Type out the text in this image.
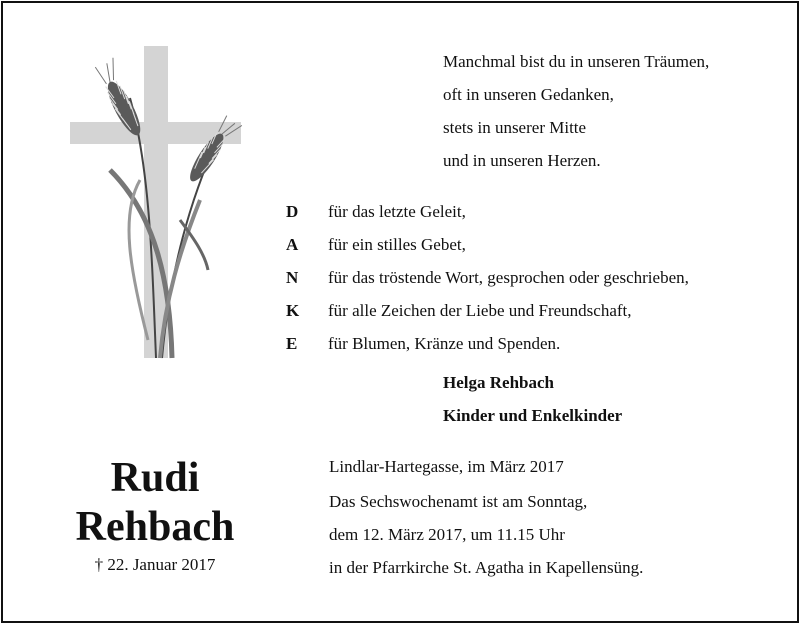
Manchmal bist du in unseren Träumen,
oft in unseren Gedanken,
stets in unserer Mitte
und in unseren Herzen.
D für das letzte Geleit,
A für ein stilles Gebet,
N für das tröstende Wort, gesprochen oder geschrieben,
K für alle Zeichen der Liebe und Freundschaft,
E für Blumen, Kränze und Spenden.
Helga Rehbach
Kinder und Enkelkinder
Lindlar-Hartegasse, im März 2017
Das Sechswochenamt ist am Sonntag,
dem 12. März 2017, um 11.15 Uhr
in der Pfarrkirche St. Agatha in Kapellensüng.
Rudi
Rehbach
† 22. Januar 2017
